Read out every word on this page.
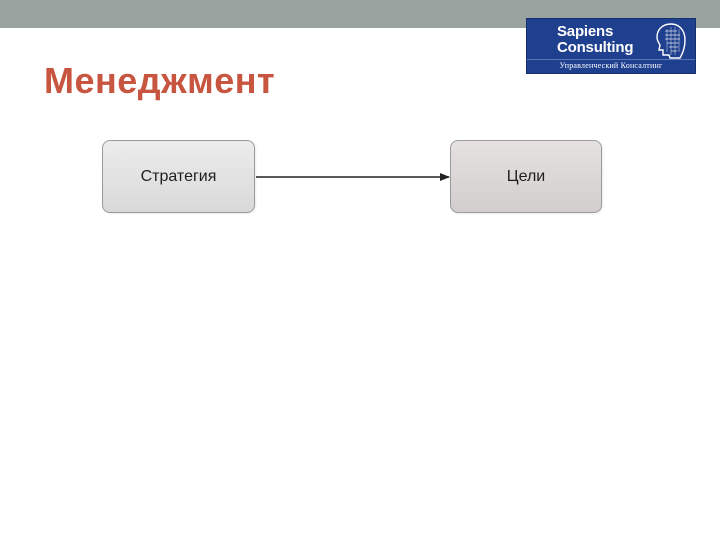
Sapiens
Consulting
Управленческий Консалтинг
Менеджмент
Стратегия	Цели
